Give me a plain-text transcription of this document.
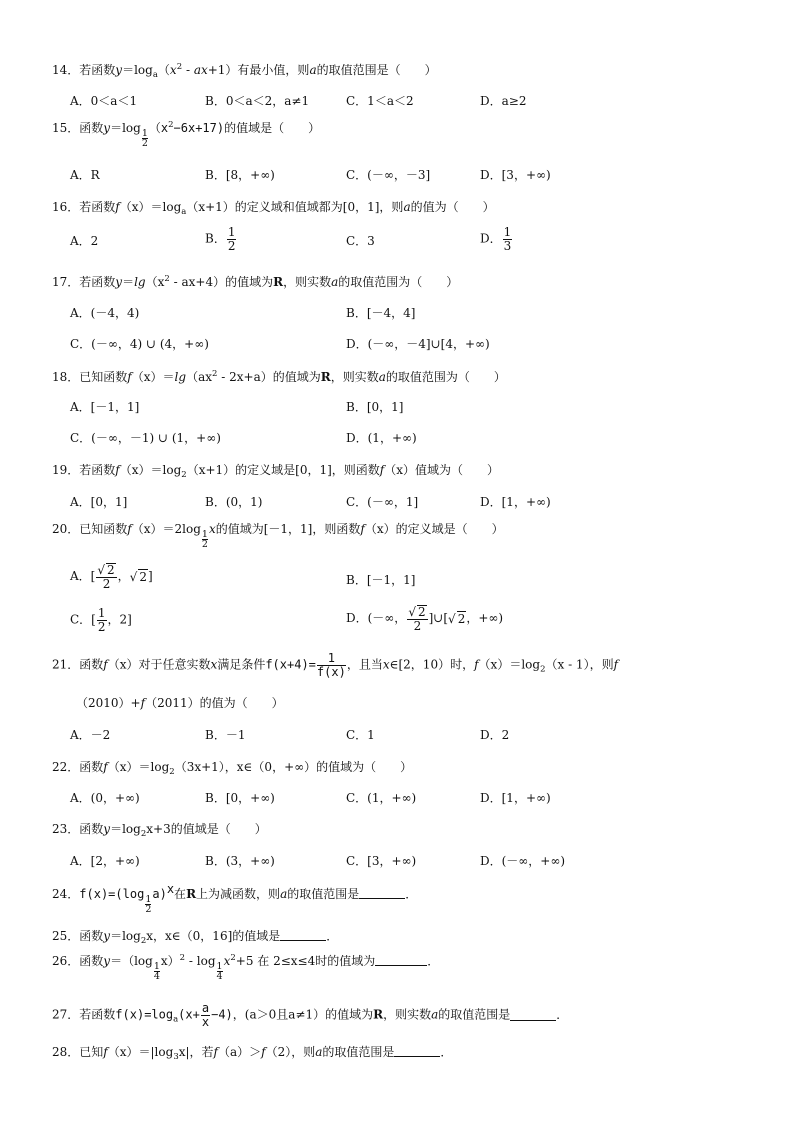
14．若函数$y=\log_a(x^2 - ax+1)$有最小值，则a的取值范围是（　　）
A．0＜a＜1	B．0＜a＜2，a≠1	C．1＜a＜2	D．a≥2
15．函数y＝log
$\frac{1}{2}$
$(x^2-6x+17)$的值域是（　　）
A．R	B．[8，+∞)	C．(－∞，－3]	D．[3，+∞)
16．若函数$f(x)=\log_a(x+1)$的定义域和值域都为[0，1]，则a的值为（　　）
A．2	B． $\frac{1}{2}$	C．3	D． $\frac{1}{3}$
17．若函数$y=\lg(x^2 - ax+4)$的值域为R，则实数a的取值范围为（　　）
A．(－4，4)	B．[－4，4]
C．(－∞，4) ∪ (4，+∞)	D．(－∞，－4]∪[4，+∞)
18．已知函数$f(x)=\lg(ax^2 - 2x+a)$的值域为R，则实数a的取值范围为（　　）
A．[－1，1]	B．[0，1]
C．(－∞，－1) ∪ (1，+∞)	D．(1，+∞)
19．若函数$f(x)=\log_2(x+1)$的定义域是[0，1]，则函数f（x）值域为（　　）
A．[0，1]	B．(0，1)	C．(－∞，1]	D．[1，+∞)
20．已知函数f（x）＝2log
$\frac{1}{2}$
x的值域为[－1，1]，则函数f（x）的定义域是（　　）
A．[ $\frac{√ 2}{2}$ ，√ 2]	B．[－1，1]
C．[ $\frac{1}{2}$ ，2]	D．(－∞， $\frac{√ 2}{2}$ ]∪[√ 2，+∞)
21．函数f（x）对于任意实数x满足条件$f(x+4)= \frac{1}{f(x)}$ ，且当x∈[2，10）时，$f(x)=\log_2(x - 1)$，则f
（2010）+f（2011）的值为（　　）
A．－2	B．－1	C．1	D．2
22．函数$f(x)=\log_2(3x+1)$，x∈（0，+∞）的值域为（　　）
A．(0，+∞)	B．[0，+∞)	C．(1，+∞)	D．[1，+∞)
23．函数$y=\log_2x+3$的值域是（　　）
A．[2，+∞)	B．(3，+∞)	C．[3，+∞)	D．(－∞，+∞)
24．f(x)=(log
$\frac{1}{2}$
a)x在R上为减函数，则a的取值范围是	．
25．函数$y=\log_2x$，x∈（0，16]的值域是	．
26．函数y＝（log
$\frac{1}{4}$
x）$^2$ - log
$\frac{1}{4}$
$x^2+5$ 在 2≤x≤4时的值域为	．
27．若函数$f(x)=\log_a(x+ \frac{a}{x} -4)$，(a＞0且a≠1）的值域为R，则实数a的取值范围是	．
28．已知$f(x)=|\log_3x|$，若f（a）＞f（2），则a的取值范围是	．
